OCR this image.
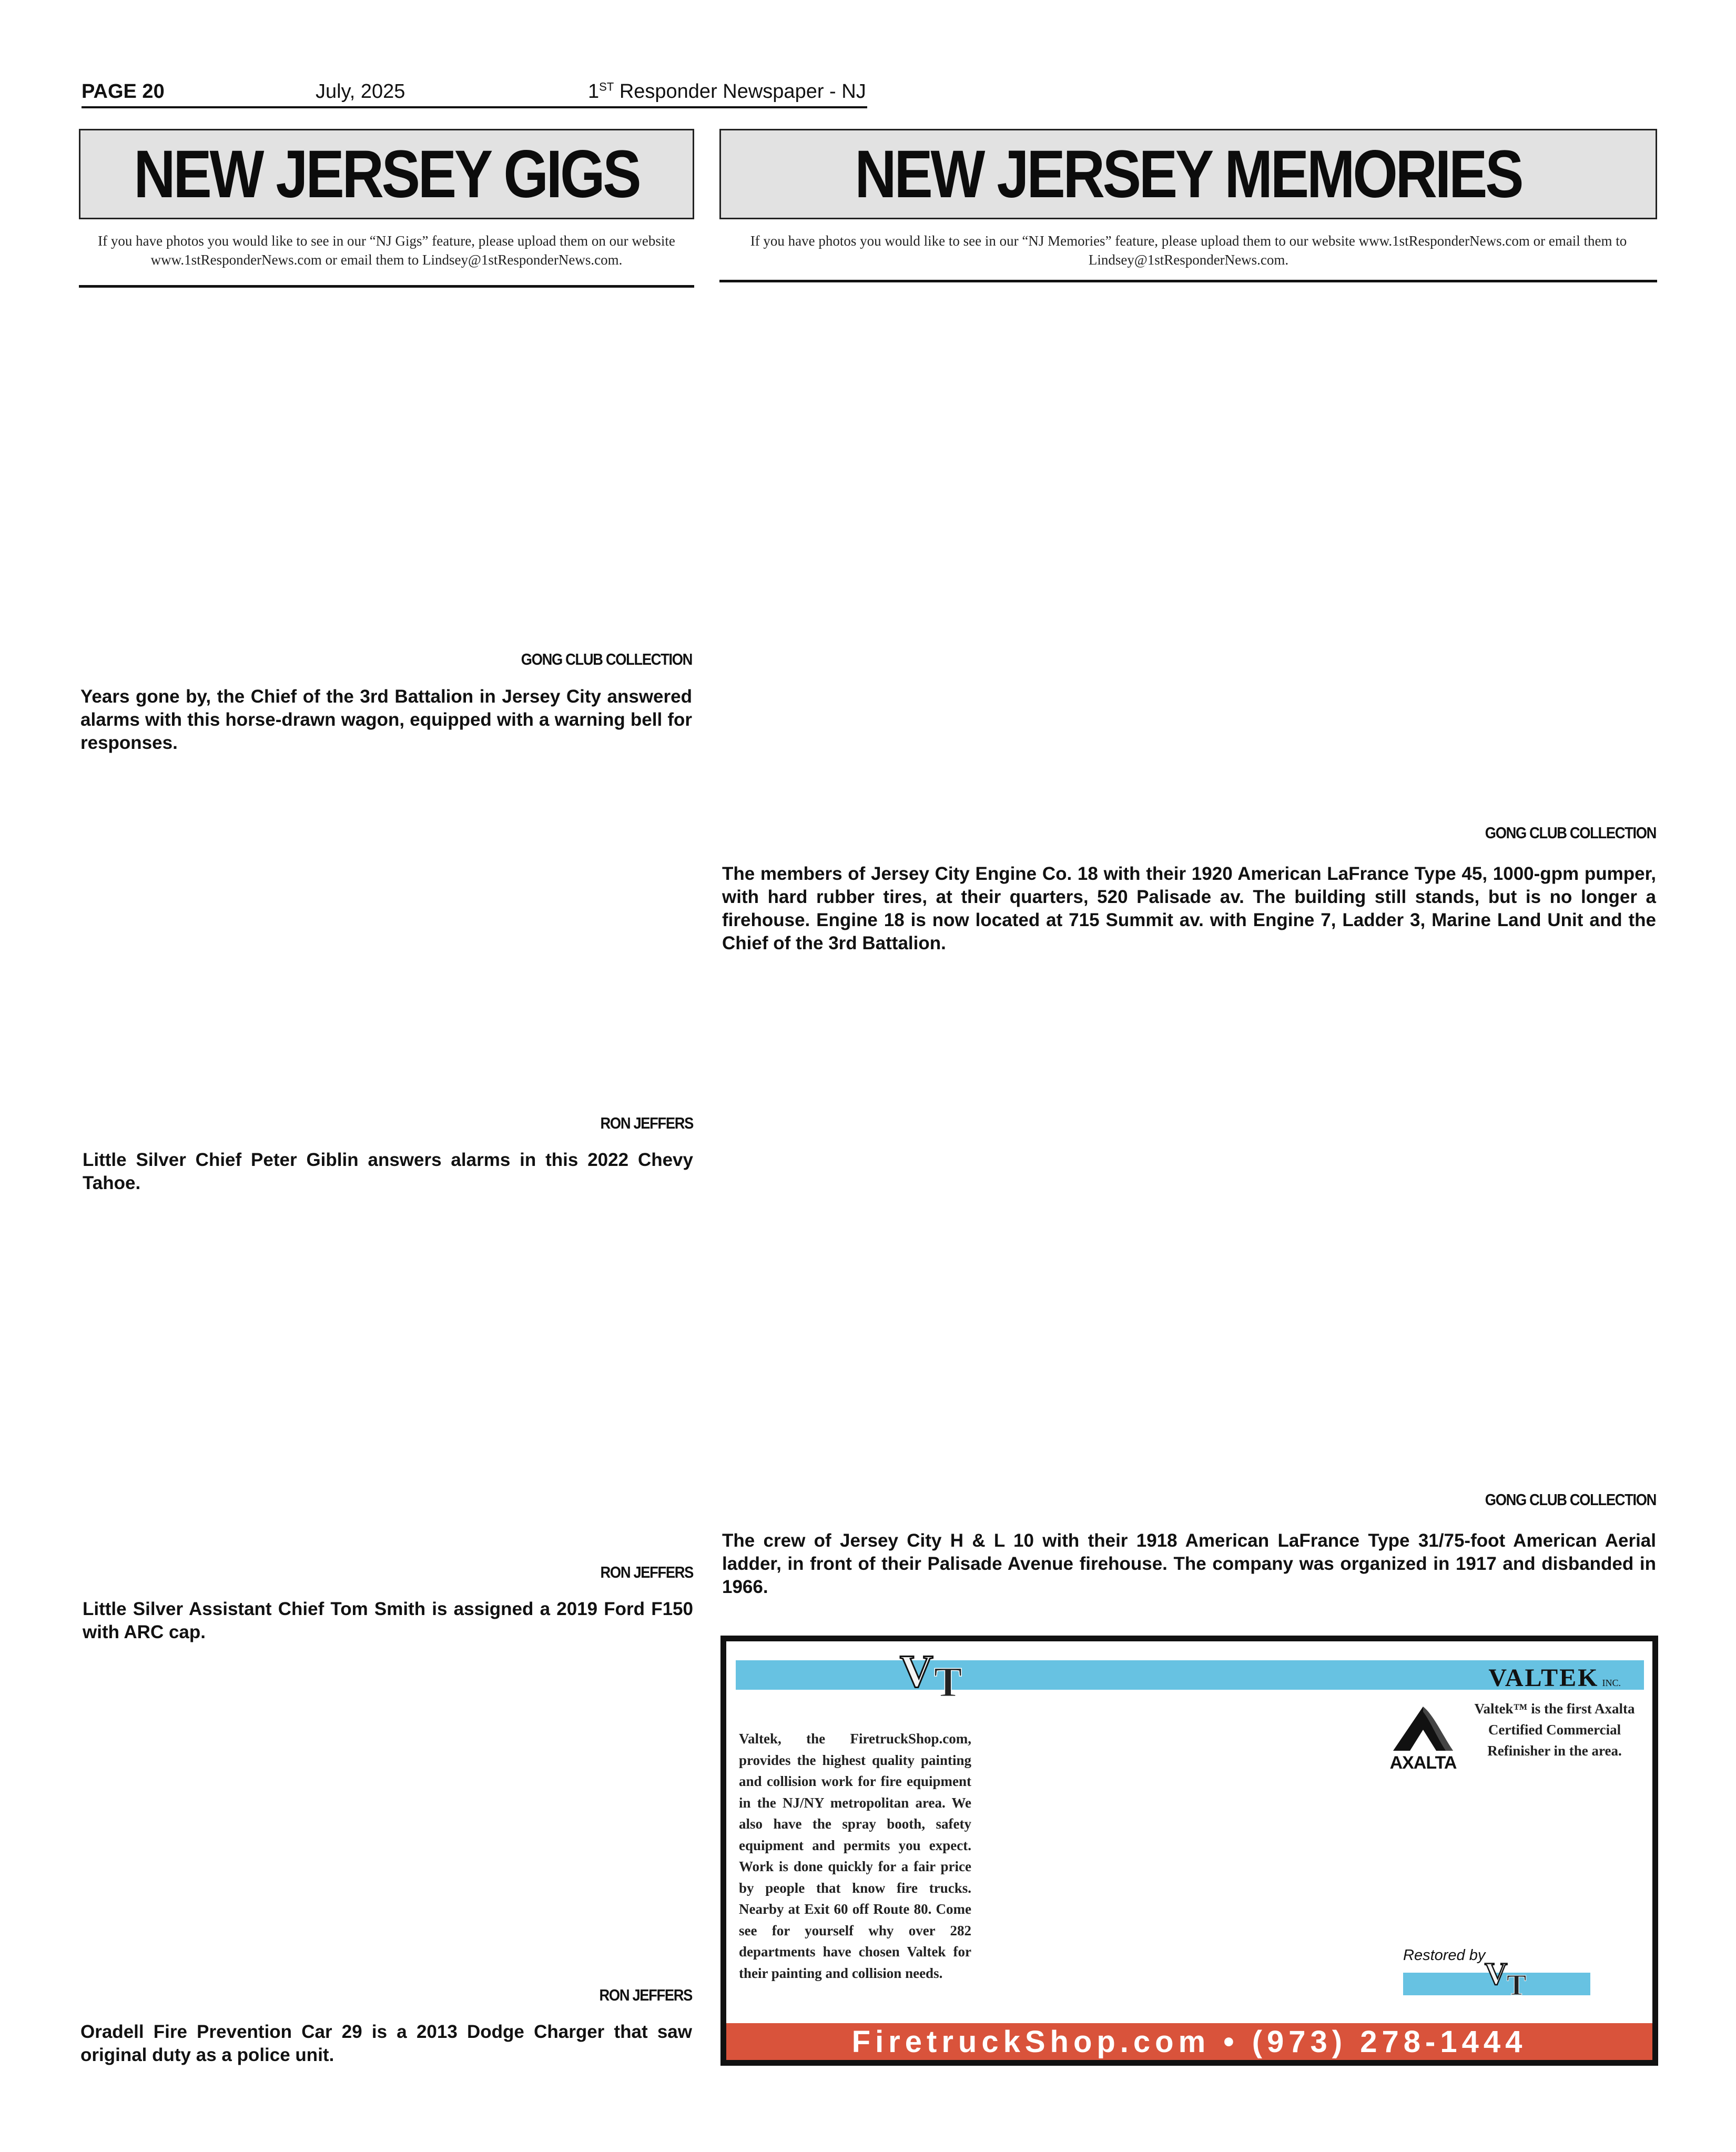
PAGE 20	July, 2025	1ST Responder Newspaper - NJ
NEW JERSEY GIGS
If you have photos you would like to see in our “NJ Gigs” feature, please upload them on our website www.1stResponderNews.com or email them to Lindsey@1stResponderNews.com.
GONG CLUB COLLECTION
Years gone by, the Chief of the 3rd Battalion in Jersey City answered alarms with this horse-drawn wagon, equipped with a warning bell for responses.
RON JEFFERS
Little Silver Chief Peter Giblin answers alarms in this 2022 Chevy Tahoe.
RON JEFFERS
Little Silver Assistant Chief Tom Smith is assigned a 2019 Ford F150 with ARC cap.
RON JEFFERS
Oradell Fire Prevention Car 29 is a 2013 Dodge Charger that saw original duty as a police unit.
NEW JERSEY MEMORIES
If you have photos you would like to see in our “NJ Memories” feature, please upload them to our website www.1stResponderNews.com or email them to Lindsey@1stResponderNews.com.
GONG CLUB COLLECTION
The members of Jersey City Engine Co. 18 with their 1920 American LaFrance Type 45, 1000-gpm pumper, with hard rubber tires, at their quarters, 520 Palisade av. The building still stands, but is no longer a firehouse. Engine 18 is now located at 715 Summit av. with Engine 7, Ladder 3, Marine Land Unit and the Chief of the 3rd Battalion.
GONG CLUB COLLECTION
The crew of Jersey City H & L 10 with their 1918 American LaFrance Type 31/75-foot American Aerial ladder, in front of their Palisade Avenue firehouse. The company was organized in 1917 and disbanded in 1966.
V T	VALTEK INC.
Valtek, the FiretruckShop.com, provides the highest quality painting and collision work for fire equipment in the NJ/NY metropolitan area. We also have the spray booth, safety equipment and permits you expect. Work is done quickly for a fair price by people that know fire trucks. Nearby at Exit 60 off Route 80. Come see for yourself why over 282 departments have chosen Valtek for their painting and collision needs.
AXALTA
Valtek™ is the first Axalta Certified Commercial Refinisher in the area.
Restored by
V
T
FiretruckShop.com • (973) 278-1444
